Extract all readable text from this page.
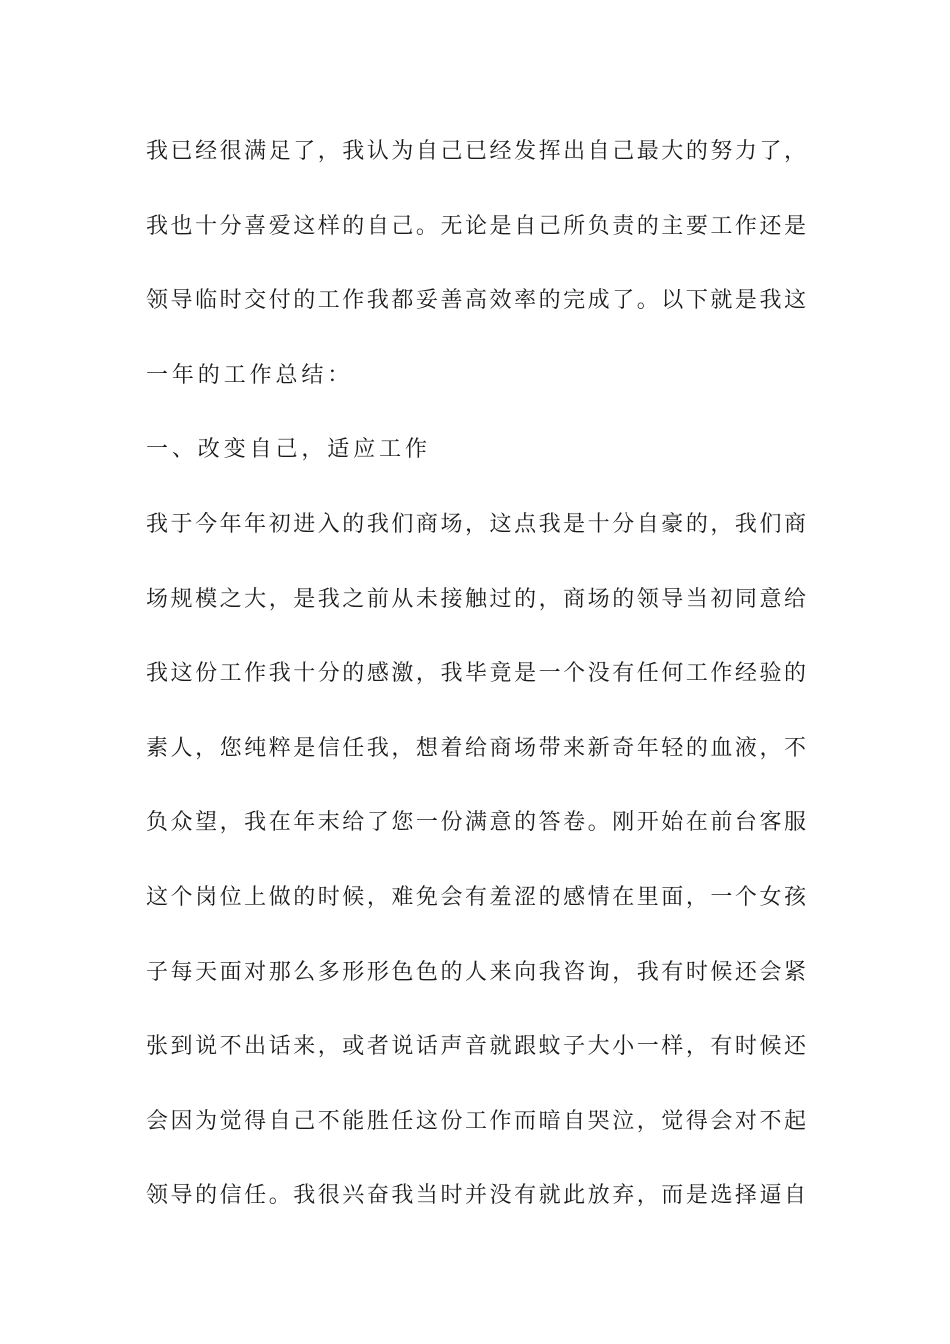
我已经很满足了，我认为自己已经发挥出自己最大的努力了，
我也十分喜爱这样的自己。无论是自己所负责的主要工作还是
领导临时交付的工作我都妥善高效率的完成了。以下就是我这
一年的工作总结：
一、改变自己，适应工作
我于今年年初进入的我们商场，这点我是十分自豪的，我们商
场规模之大，是我之前从未接触过的，商场的领导当初同意给
我这份工作我十分的感激，我毕竟是一个没有任何工作经验的
素人，您纯粹是信任我，想着给商场带来新奇年轻的血液，不
负众望，我在年末给了您一份满意的答卷。刚开始在前台客服
这个岗位上做的时候，难免会有羞涩的感情在里面，一个女孩
子每天面对那么多形形色色的人来向我咨询，我有时候还会紧
张到说不出话来，或者说话声音就跟蚊子大小一样，有时候还
会因为觉得自己不能胜任这份工作而暗自哭泣，觉得会对不起
领导的信任。我很兴奋我当时并没有就此放弃，而是选择逼自
